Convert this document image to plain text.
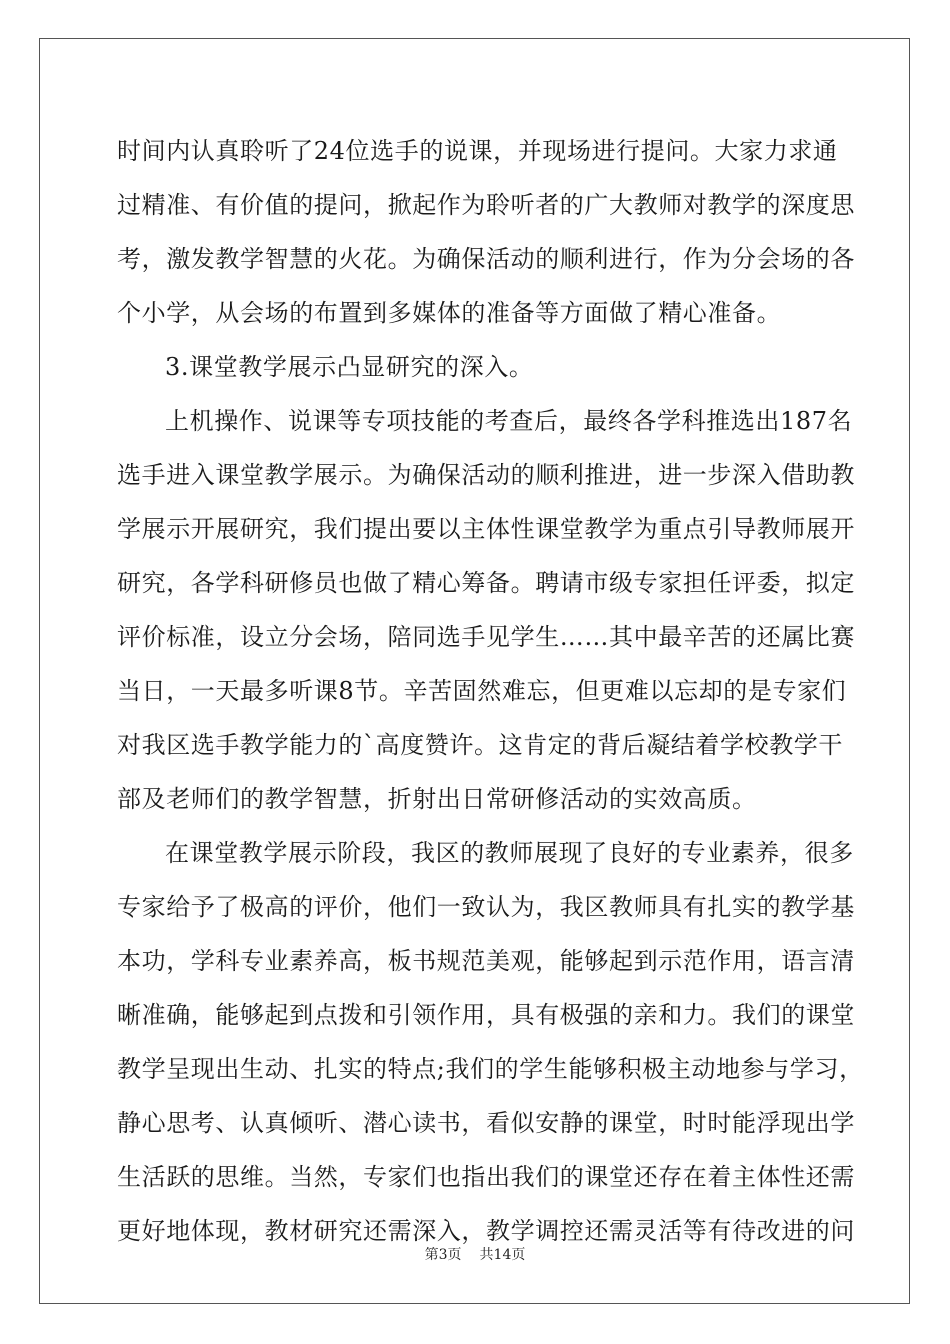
时间内认真聆听了24位选手的说课，并现场进行提问。大家力求通
过精准、有价值的提问，掀起作为聆听者的广大教师对教学的深度思
考，激发教学智慧的火花。为确保活动的顺利进行，作为分会场的各
个小学，从会场的布置到多媒体的准备等方面做了精心准备。
3.课堂教学展示凸显研究的深入。
上机操作、说课等专项技能的考查后，最终各学科推选出187名
选手进入课堂教学展示。为确保活动的顺利推进，进一步深入借助教
学展示开展研究，我们提出要以主体性课堂教学为重点引导教师展开
研究，各学科研修员也做了精心筹备。聘请市级专家担任评委，拟定
评价标准，设立分会场，陪同选手见学生……其中最辛苦的还属比赛
当日，一天最多听课8节。辛苦固然难忘，但更难以忘却的是专家们
对我区选手教学能力的`高度赞许。这肯定的背后凝结着学校教学干
部及老师们的教学智慧，折射出日常研修活动的实效高质。
在课堂教学展示阶段，我区的教师展现了良好的专业素养，很多
专家给予了极高的评价，他们一致认为，我区教师具有扎实的教学基
本功，学科专业素养高，板书规范美观，能够起到示范作用，语言清
晰准确，能够起到点拨和引领作用，具有极强的亲和力。我们的课堂
教学呈现出生动、扎实的特点;我们的学生能够积极主动地参与学习，
静心思考、认真倾听、潜心读书，看似安静的课堂，时时能浮现出学
生活跃的思维。当然，专家们也指出我们的课堂还存在着主体性还需
更好地体现，教材研究还需深入，教学调控还需灵活等有待改进的问
第3页 共14页
